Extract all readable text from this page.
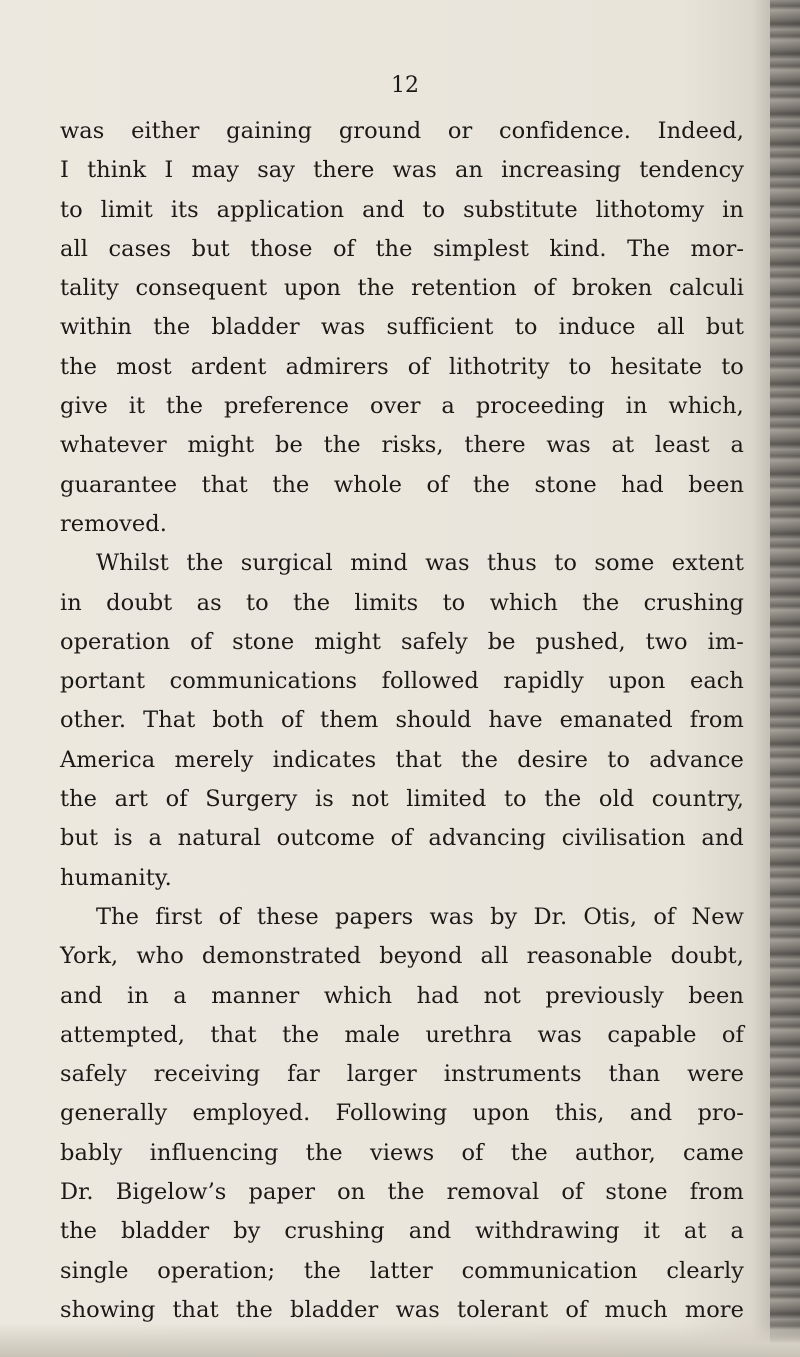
12
was either gaining ground or confidence. Indeed,
I think I may say there was an increasing tendency
to limit its application and to substitute lithotomy in
all cases but those of the simplest kind. The mor-
tality consequent upon the retention of broken calculi
within the bladder was sufficient to induce all but
the most ardent admirers of lithotrity to hesitate to
give it the preference over a proceeding in which,
whatever might be the risks, there was at least a
guarantee that the whole of the stone had been
removed.
Whilst the surgical mind was thus to some extent
in doubt as to the limits to which the crushing
operation of stone might safely be pushed, two im-
portant communications followed rapidly upon each
other. That both of them should have emanated from
America merely indicates that the desire to advance
the art of Surgery is not limited to the old country,
but is a natural outcome of advancing civilisation and
humanity.
The first of these papers was by Dr. Otis, of New
York, who demonstrated beyond all reasonable doubt,
and in a manner which had not previously been
attempted, that the male urethra was capable of
safely receiving far larger instruments than were
generally employed. Following upon this, and pro-
bably influencing the views of the author, came
Dr. Bigelow’s paper on the removal of stone from
the bladder by crushing and withdrawing it at a
single operation; the latter communication clearly
showing that the bladder was tolerant of much more
